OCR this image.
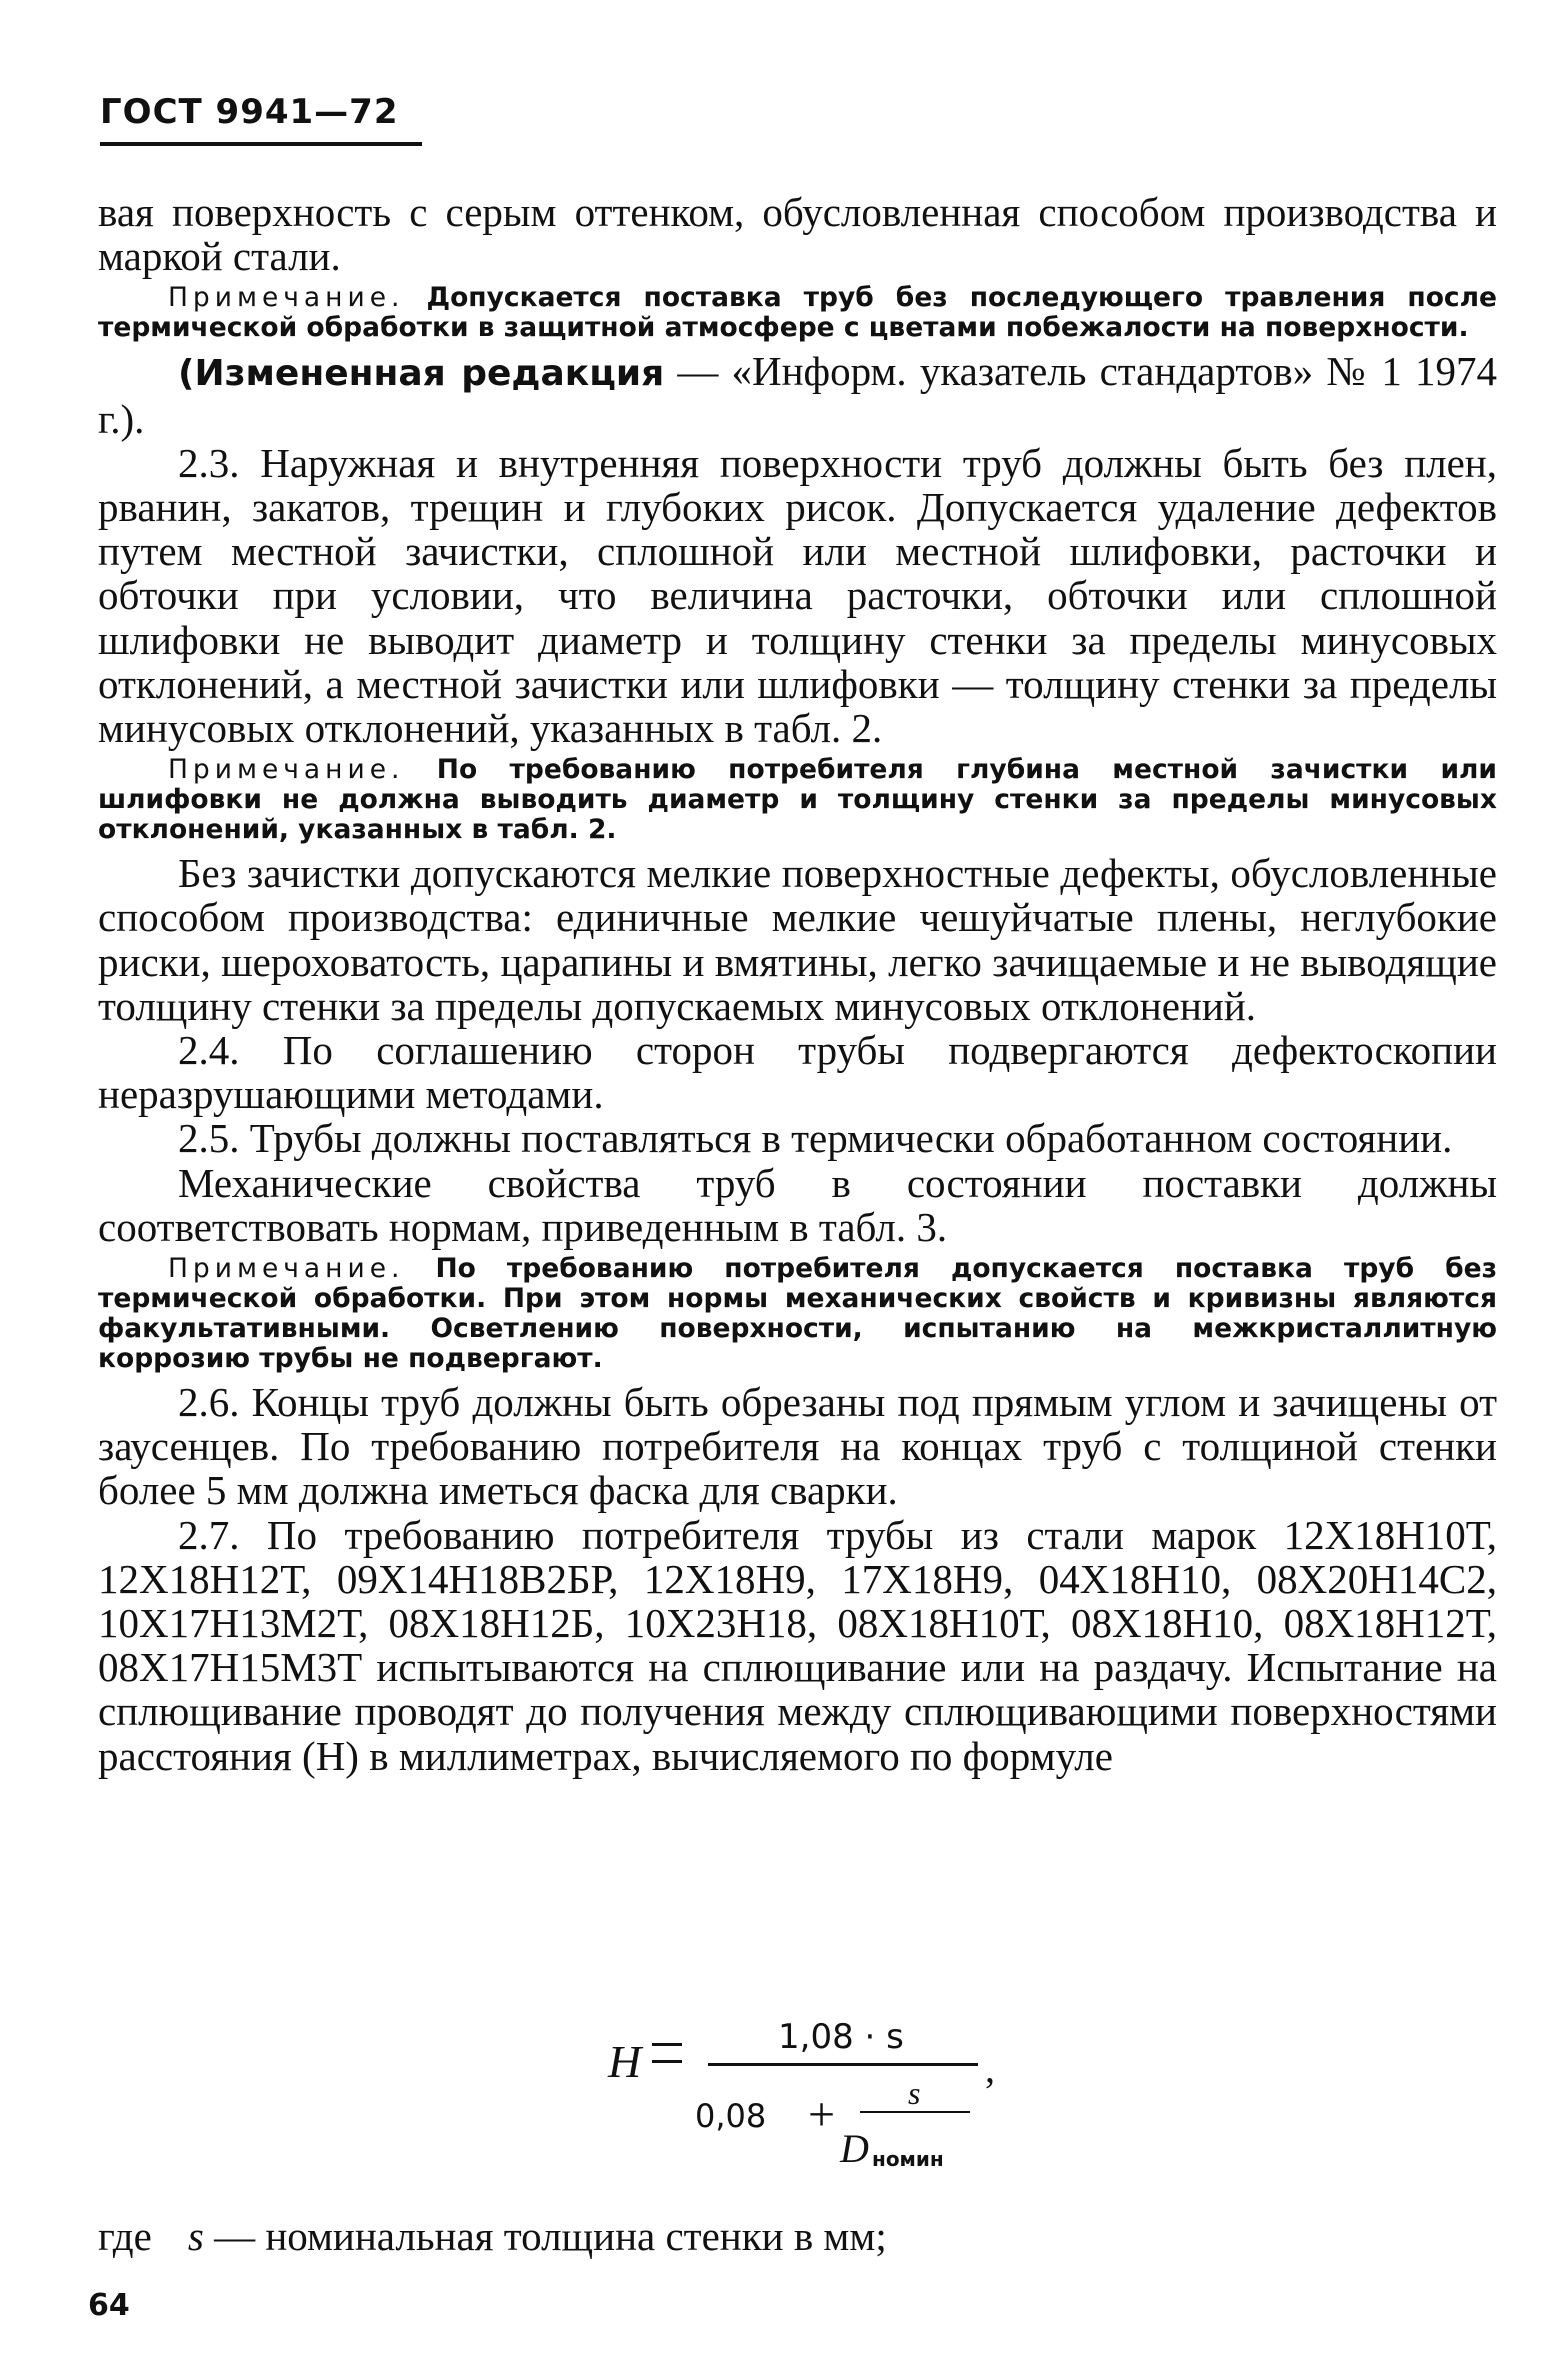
ГОСТ 9941—72

вая поверхность с серым оттенком, обусловленная способом производства и маркой стали.

Примечание. Допускается поставка труб без последующего травления после термической обработки в защитной атмосфере с цветами побежалости на поверхности.

(Измененная редакция — «Информ. указатель стандартов» № 1 1974 г.).

2.3. Наружная и внутренняя поверхности труб должны быть без плен, рванин, закатов, трещин и глубоких рисок. Допускается удаление дефектов путем местной зачистки, сплошной или местной шлифовки, расточки и обточки при условии, что величина расточки, обточки или сплошной шлифовки не выводит диаметр и толщину стенки за пределы минусовых отклонений, а местной зачистки или шлифовки — толщину стенки за пределы минусовых отклонений, указанных в табл. 2.

Примечание. По требованию потребителя глубина местной зачистки или шлифовки не должна выводить диаметр и толщину стенки за пределы минусовых отклонений, указанных в табл. 2.

Без зачистки допускаются мелкие поверхностные дефекты, обусловленные способом производства: единичные мелкие чешуйчатые плены, неглубокие риски, шероховатость, царапины и вмятины, легко зачищаемые и не выводящие толщину стенки за пределы допускаемых минусовых отклонений.

2.4. По соглашению сторон трубы подвергаются дефектоскопии неразрушающими методами.

2.5. Трубы должны поставляться в термически обработанном состоянии.

Механические свойства труб в состоянии поставки должны соответствовать нормам, приведенным в табл. 3.

Примечание. По требованию потребителя допускается поставка труб без термической обработки. При этом нормы механических свойств и кривизны являются факультативными. Осветлению поверхности, испытанию на межкристаллитную коррозию трубы не подвергают.

2.6. Концы труб должны быть обрезаны под прямым углом и зачищены от заусенцев. По требованию потребителя на концах труб с толщиной стенки более 5 мм должна иметься фаска для сварки.

2.7. По требованию потребителя трубы из стали марок 12Х18Н10Т, 12Х18Н12Т, 09Х14Н18В2БР, 12Х18Н9, 17Х18Н9, 04Х18Н10, 08Х20Н14С2, 10Х17Н13М2Т, 08Х18Н12Б, 10Х23Н18, 08Х18Н10Т, 08Х18Н10, 08Х18Н12Т, 08Х17Н15М3Т испытываются на сплющивание или на раздачу. Испытание на сплющивание проводят до получения между сплющивающими поверхностями расстояния (H) в миллиметрах, вычисляемого по формуле

H	1,08 · s
,
0,08 + s
D номин
где s — номинальная толщина стенки в мм;
64
